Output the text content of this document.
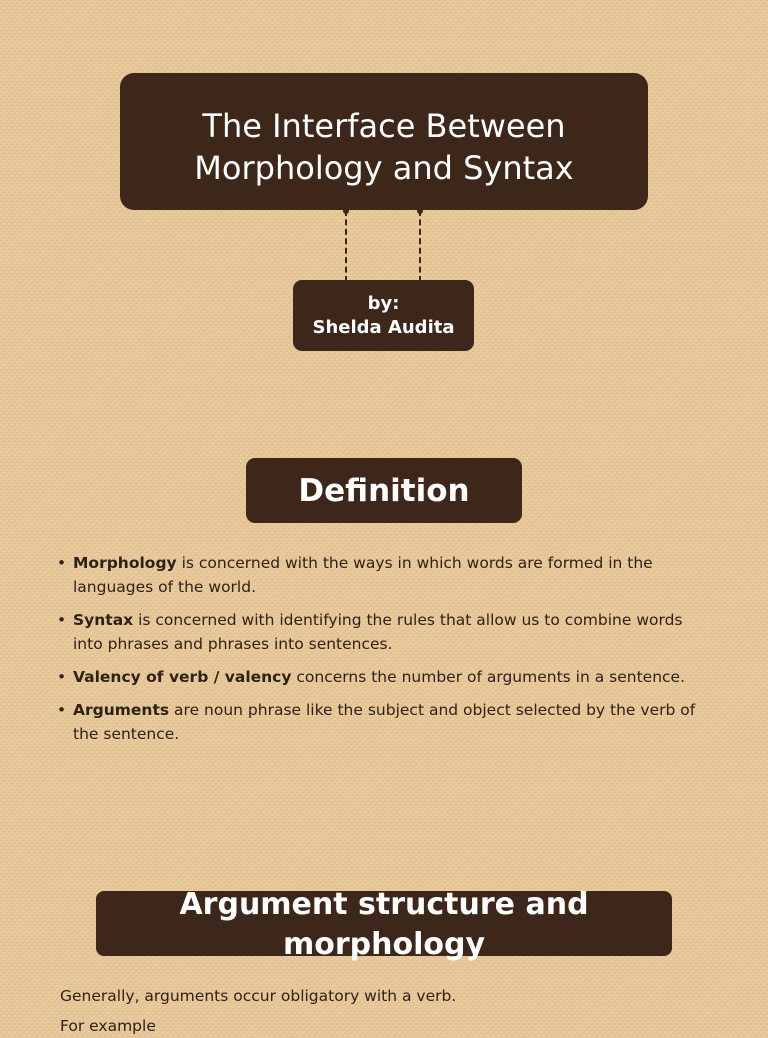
The Interface Between
Morphology and Syntax
by:
Shelda Audita
Definition
• Morphology is concerned with the ways in which words are formed in the languages of the world.
• Syntax is concerned with identifying the rules that allow us to combine words into phrases and phrases into sentences.
• Valency of verb / valency concerns the number of arguments in a sentence.
• Arguments are noun phrase like the subject and object selected by the verb of the sentence.
Argument structure and
morphology

Generally, arguments occur obligatory with a verb.

For example
